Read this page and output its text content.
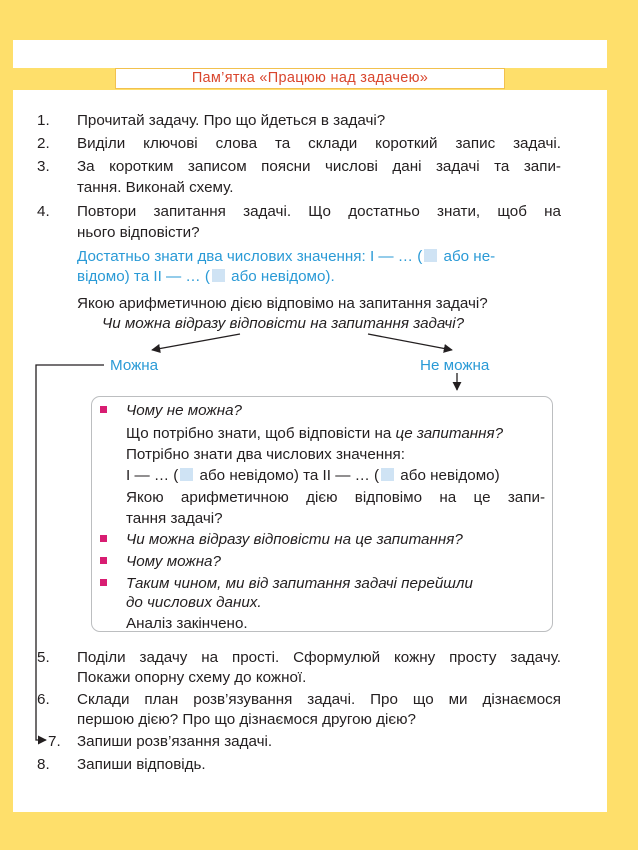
Пам’ятка «Працюю над задачею»
1. Прочитай задачу. Про що йдеться в задачі?
2. Виділи ключові слова та склади короткий запис задачі.
3. За коротким записом поясни числові дані задачі та запи-
тання. Виконай схему.
4. Повтори запитання задачі. Що достатньо знати, щоб на
нього відповісти?
Достатньо знати два числових значення: I — … ( або не-
відомо) та II — … ( або невідомо).
Якою арифметичною дією відповімо на запитання задачі?
Чи можна відразу відповісти на запитання задачі?
Можна	Не можна
Чому не можна?
Що потрібно знати, щоб відповісти на це запитання?
Потрібно знати два числових значення:
I — … ( або невідомо) та II — … ( або невідомо)
Якою арифметичною дією відповімо на це запи-
тання задачі?
Чи можна відразу відповісти на це запитання?
Чому можна?
Таким чином, ми від запитання задачі перейшли
до числових даних.
Аналіз закінчено.
5. Поділи задачу на прості. Сформулюй кожну просту задачу.
Покажи опорну схему до кожної.
6. Склади план розв’язування задачі. Про що ми дізнаємося
першою дією? Про що дізнаємося другою дією?
7. Запиши розв’язання задачі.
8. Запиши відповідь.
